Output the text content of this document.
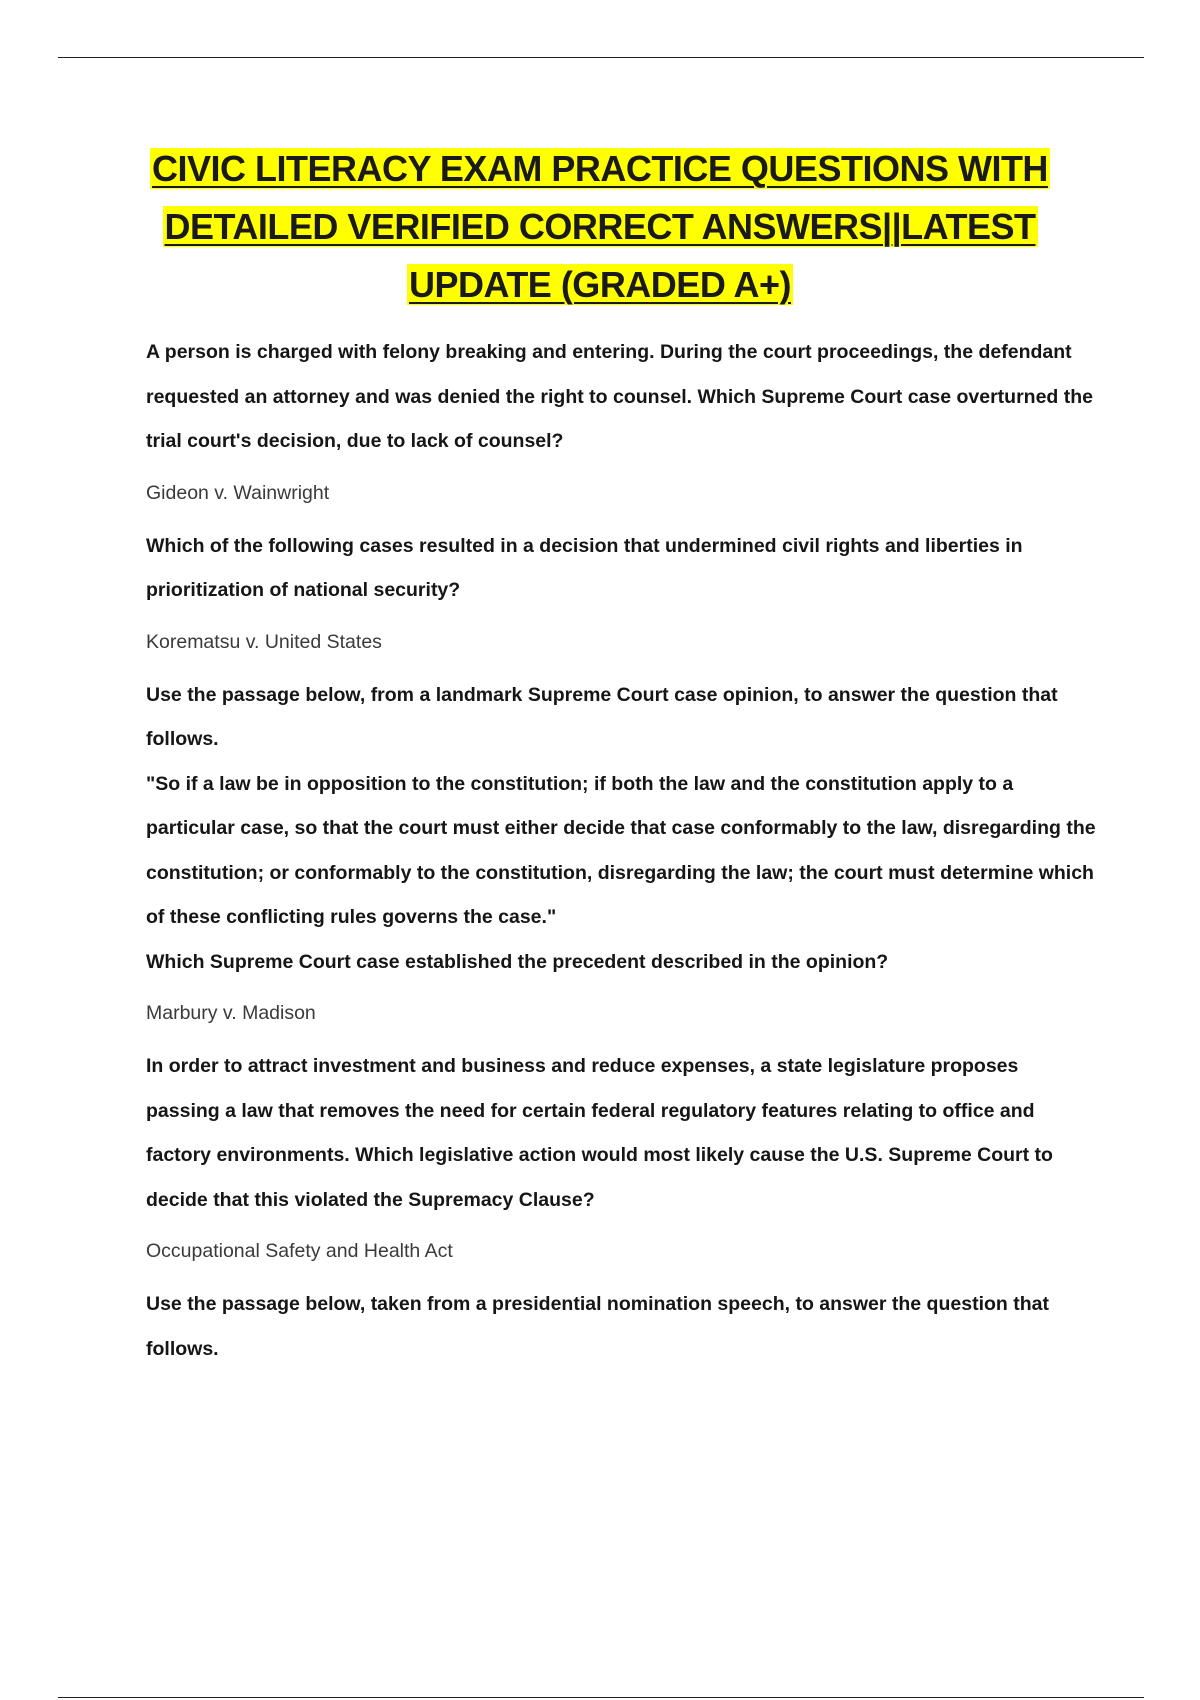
CIVIC LITERACY EXAM PRACTICE QUESTIONS WITH
DETAILED VERIFIED CORRECT ANSWERS||LATEST
UPDATE (GRADED A+)

A person is charged with felony breaking and entering. During the court proceedings, the defendant requested an attorney and was denied the right to counsel. Which Supreme Court case overturned the trial court's decision, due to lack of counsel?

Gideon v. Wainwright

Which of the following cases resulted in a decision that undermined civil rights and liberties in prioritization of national security?

Korematsu v. United States

Use the passage below, from a landmark Supreme Court case opinion, to answer the question that follows.

"So if a law be in opposition to the constitution; if both the law and the constitution apply to a particular case, so that the court must either decide that case conformably to the law, disregarding the constitution; or conformably to the constitution, disregarding the law; the court must determine which of these conflicting rules governs the case."

Which Supreme Court case established the precedent described in the opinion?

Marbury v. Madison

In order to attract investment and business and reduce expenses, a state legislature proposes passing a law that removes the need for certain federal regulatory features relating to office and factory environments. Which legislative action would most likely cause the U.S. Supreme Court to decide that this violated the Supremacy Clause?

Occupational Safety and Health Act

Use the passage below, taken from a presidential nomination speech, to answer the question that follows.
